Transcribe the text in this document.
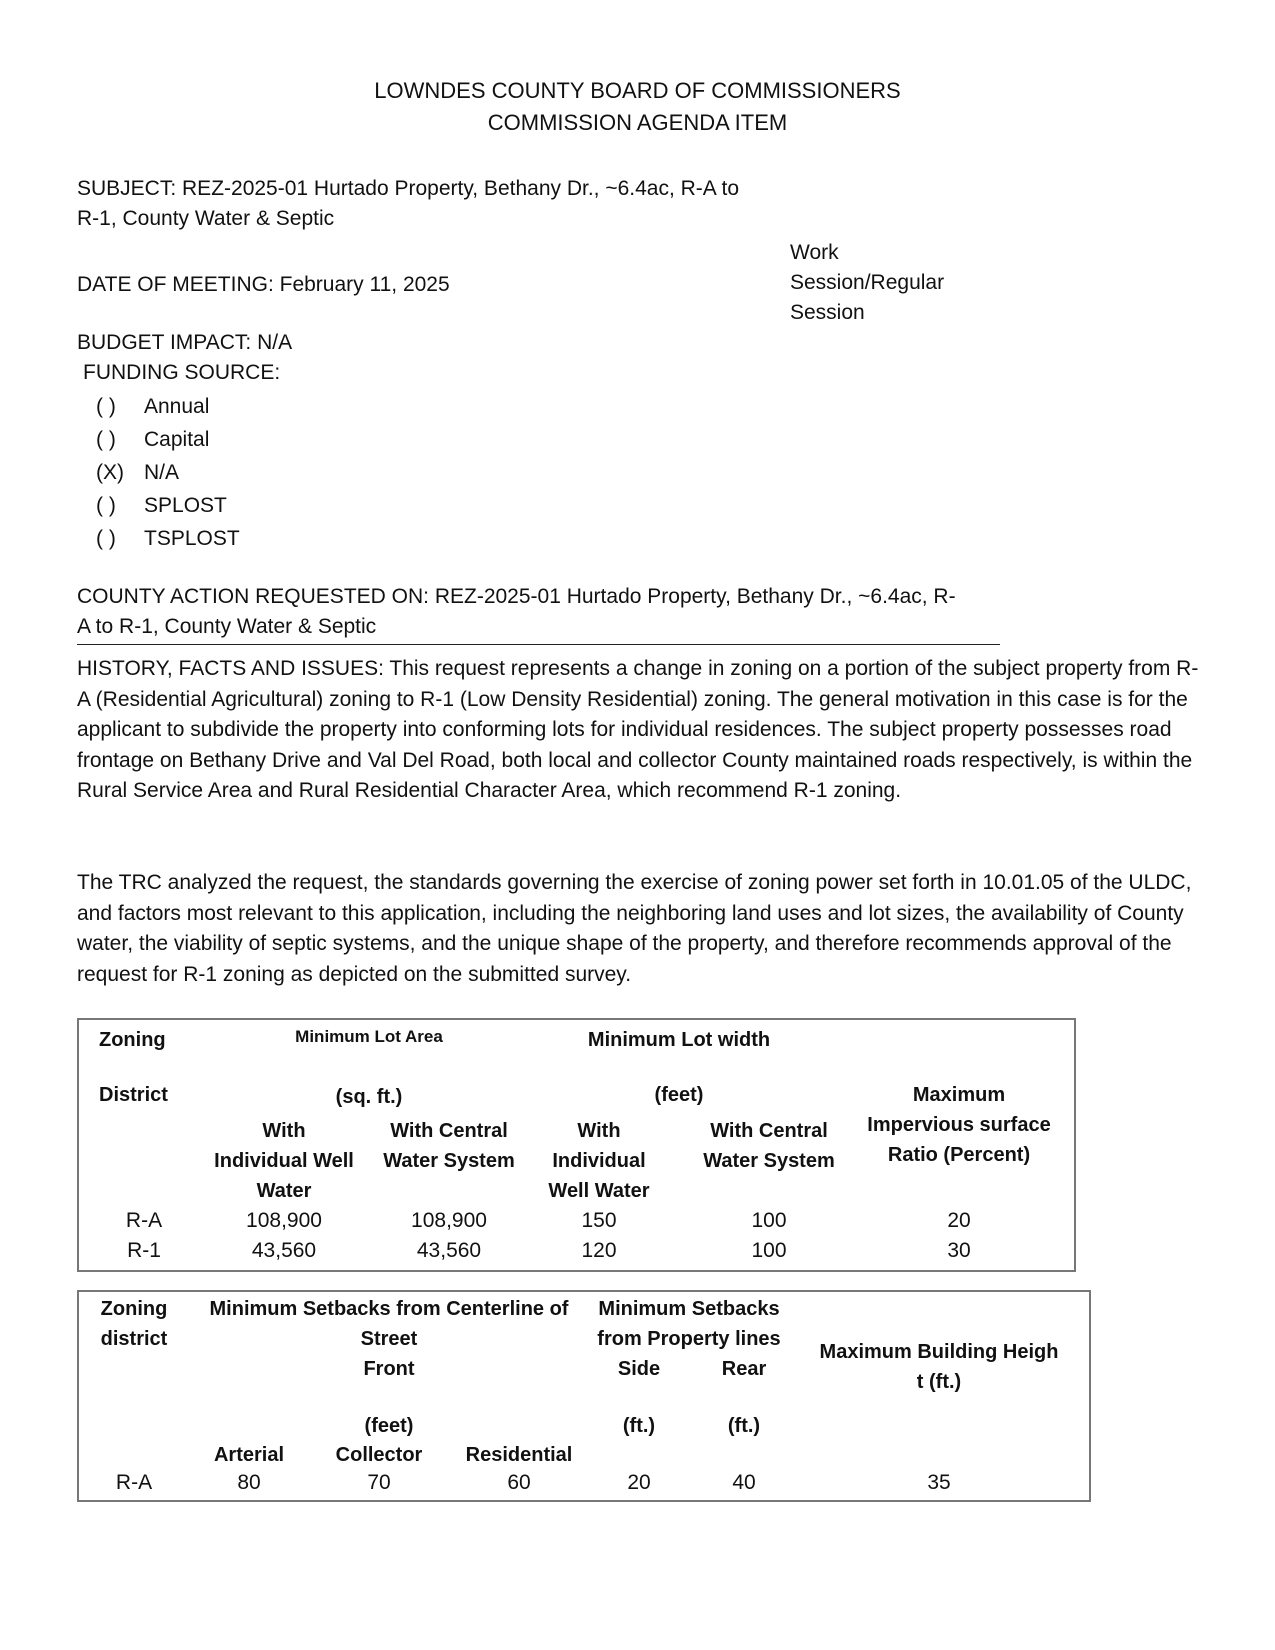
LOWNDES COUNTY BOARD OF COMMISSIONERS
COMMISSION AGENDA ITEM
SUBJECT: REZ-2025-01 Hurtado Property, Bethany Dr., ~6.4ac, R-A to
R-1, County Water & Septic
DATE OF MEETING: February 11, 2025
Work
Session/Regular
Session
BUDGET IMPACT: N/A
FUNDING SOURCE:
( ) Annual
( ) Capital
(X) N/A
( ) SPLOST
( ) TSPLOST
COUNTY ACTION REQUESTED ON: REZ-2025-01 Hurtado Property, Bethany Dr., ~6.4ac, R-
A to R-1, County Water & Septic
HISTORY, FACTS AND ISSUES: This request represents a change in zoning on a portion of the subject property from R-A (Residential Agricultural) zoning to R-1 (Low Density Residential) zoning. The general motivation in this case is for the applicant to subdivide the property into conforming lots for individual residences. The subject property possesses road frontage on Bethany Drive and Val Del Road, both local and collector County maintained roads respectively, is within the Rural Service Area and Rural Residential Character Area, which recommend R-1 zoning.
The TRC analyzed the request, the standards governing the exercise of zoning power set forth in 10.01.05 of the ULDC, and factors most relevant to this application, including the neighboring land uses and lot sizes, the availability of County water, the viability of septic systems, and the unique shape of the property, and therefore recommends approval of the request for R-1 zoning as depicted on the submitted survey.
Zoning
District
Minimum Lot Area
(sq. ft.)
Minimum Lot width
(feet)
With
Individual Well
Water
With Central
Water System
With
Individual
Well Water
With Central
Water System
Maximum
Impervious surface
Ratio (Percent)
R-A	108,900	108,900	150	100	20
R-1	43,560	43,560	120	100	30
Zoning
district
Minimum Setbacks from Centerline of
Street
Front
(feet)
Minimum Setbacks
from Property lines
Side	Rear
(ft.)	(ft.)
Maximum Building Heigh
t (ft.)
Arterial	Collector	Residential
R-A	80	70	60	20	40	35
